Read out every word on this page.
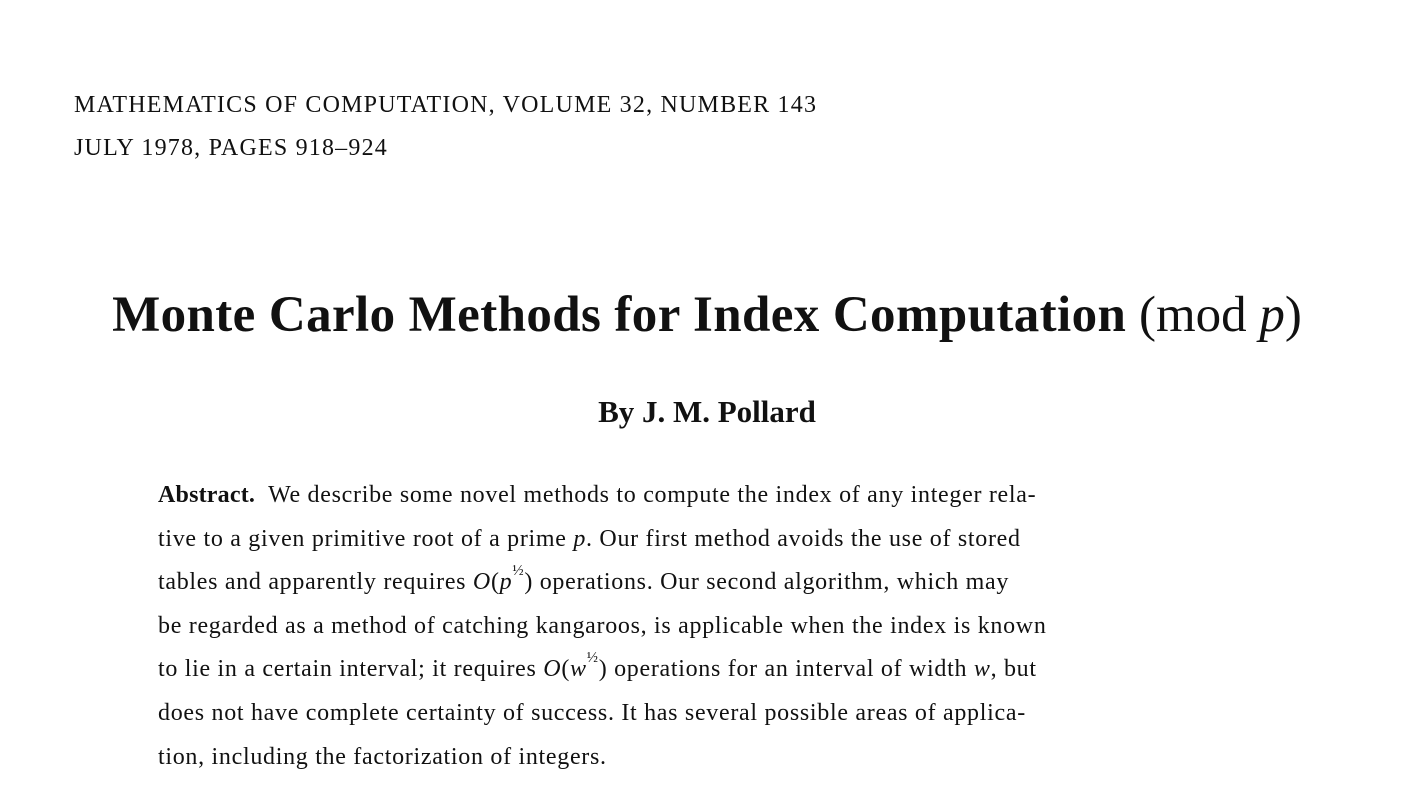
MATHEMATICS OF COMPUTATION, VOLUME 32, NUMBER 143
JULY 1978, PAGES 918–924
Monte Carlo Methods for Index Computation (mod p)
By J. M. Pollard
Abstract. We describe some novel methods to compute the index of any integer rela-
tive to a given primitive root of a prime p. Our first method avoids the use of stored
tables and apparently requires $O(p^{\frac{1}{2}})$ operations. Our second algorithm, which may
be regarded as a method of catching kangaroos, is applicable when the index is known
to lie in a certain interval; it requires $O(w^{\frac{1}{2}})$ operations for an interval of width w, but
does not have complete certainty of success. It has several possible areas of applica-
tion, including the factorization of integers.
